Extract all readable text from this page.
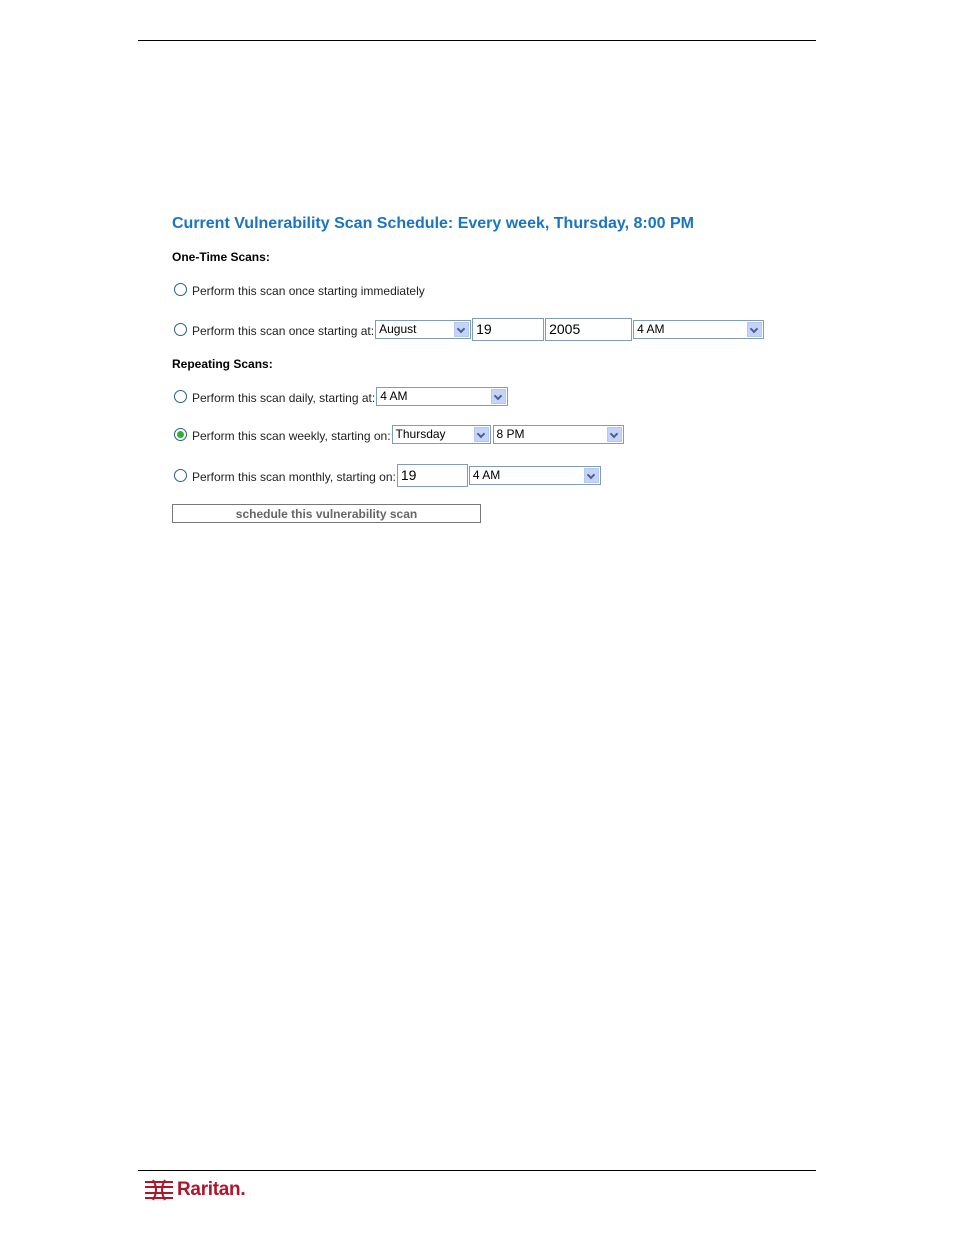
Current Vulnerability Scan Schedule: Every week, Thursday, 8:00 PM
One-Time Scans:
Perform this scan once starting immediately
Perform this scan once starting at: August	19	2005	4 AM
Repeating Scans:
Perform this scan daily, starting at: 4 AM
Perform this scan weekly, starting on: Thursday	8 PM
Perform this scan monthly, starting on: 19	4 AM
schedule this vulnerability scan
Raritan.
